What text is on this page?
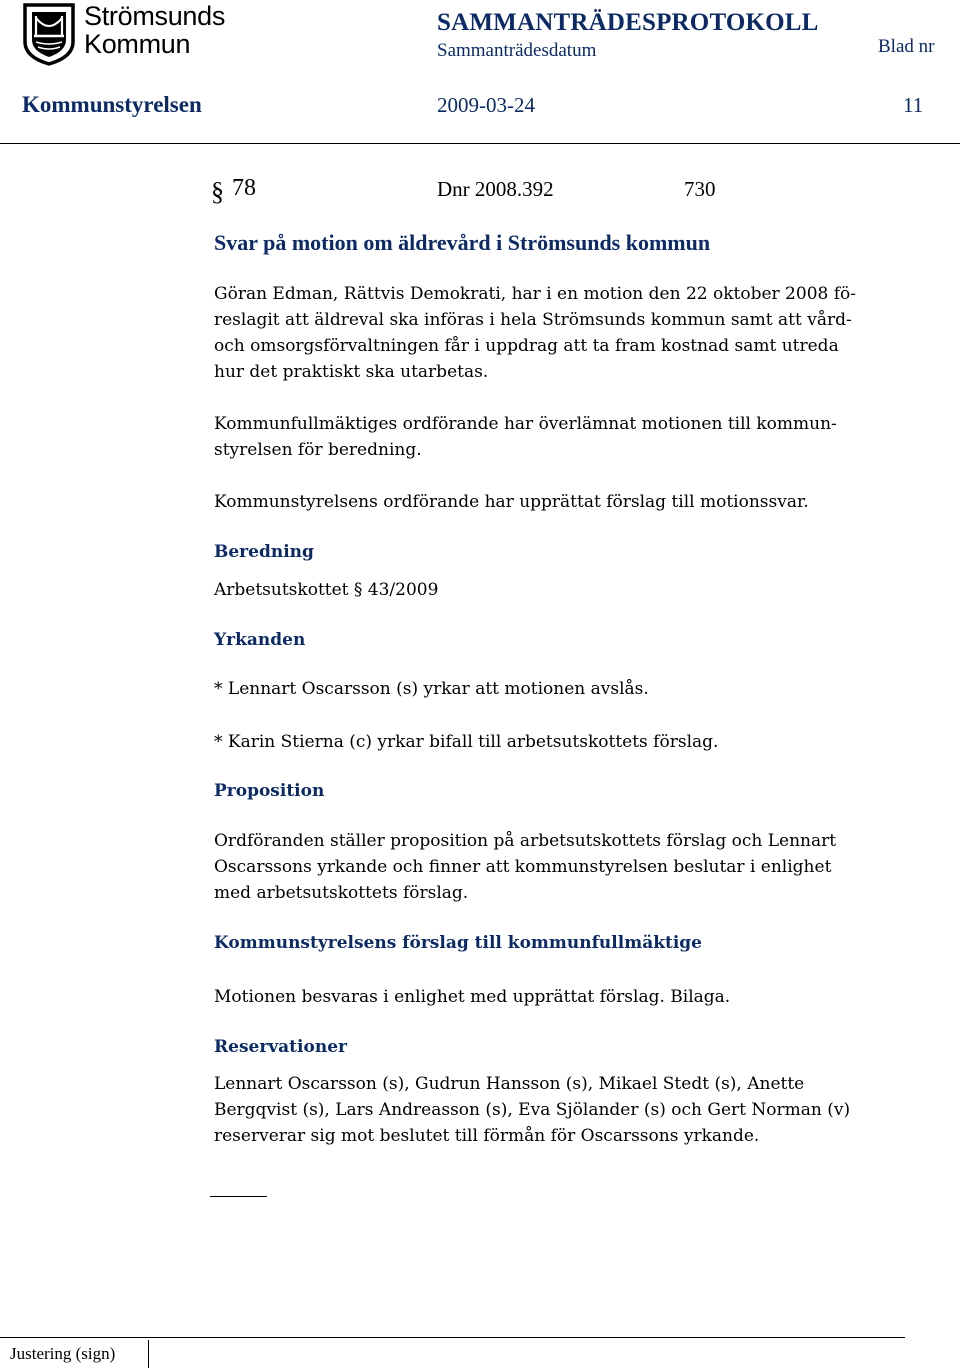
Strömsunds
Kommun
SAMMANTRÄDESPROTOKOLL
Sammanträdesdatum	Blad nr
Kommunstyrelsen	2009-03-24	11
§ 78	Dnr 2008.392	730
Svar på motion om äldrevård i Strömsunds kommun
Göran Edman, Rättvis Demokrati, har i en motion den 22 oktober 2008 fö-
reslagit att äldreval ska införas i hela Strömsunds kommun samt att vård-
och omsorgsförvaltningen får i uppdrag att ta fram kostnad samt utreda
hur det praktiskt ska utarbetas.
Kommunfullmäktiges ordförande har överlämnat motionen till kommun-
styrelsen för beredning.
Kommunstyrelsens ordförande har upprättat förslag till motionssvar.
Beredning
Arbetsutskottet § 43/2009
Yrkanden
* Lennart Oscarsson (s) yrkar att motionen avslås.
* Karin Stierna (c) yrkar bifall till arbetsutskottets förslag.
Proposition
Ordföranden ställer proposition på arbetsutskottets förslag och Lennart
Oscarssons yrkande och finner att kommunstyrelsen beslutar i enlighet
med arbetsutskottets förslag.
Kommunstyrelsens förslag till kommunfullmäktige
Motionen besvaras i enlighet med upprättat förslag. Bilaga.
Reservationer
Lennart Oscarsson (s), Gudrun Hansson (s), Mikael Stedt (s), Anette
Bergqvist (s), Lars Andreasson (s), Eva Sjölander (s) och Gert Norman (v)
reserverar sig mot beslutet till förmån för Oscarssons yrkande.
Justering (sign)
